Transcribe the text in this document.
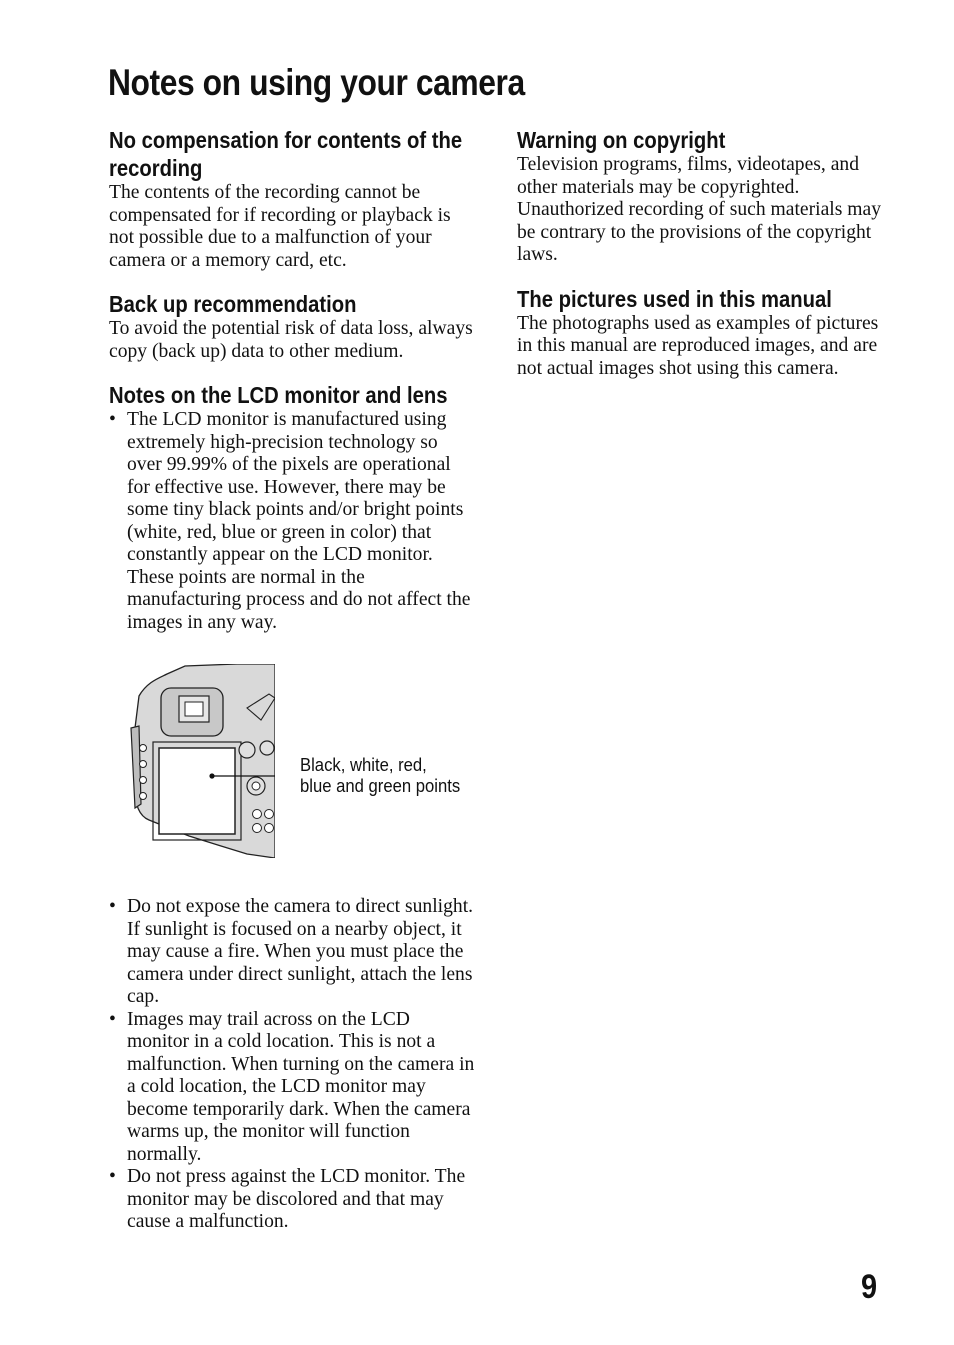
Notes on using your camera
No compensation for contents of the recording

The contents of the recording cannot be compensated for if recording or playback is not possible due to a malfunction of your camera or a memory card, etc.

Back up recommendation

To avoid the potential risk of data loss, always copy (back up) data to other medium.

Notes on the LCD monitor and lens
• The LCD monitor is manufactured using extremely high-precision technology so over 99.99% of the pixels are operational for effective use. However, there may be some tiny black points and/or bright points (white, red, blue or green in color) that constantly appear on the LCD monitor. These points are normal in the manufacturing process and do not affect the images in any way.
Black, white, red, blue and green points
• Do not expose the camera to direct sunlight. If sunlight is focused on a nearby object, it may cause a fire. When you must place the camera under direct sunlight, attach the lens cap.
• Images may trail across on the LCD monitor in a cold location. This is not a malfunction. When turning on the camera in a cold location, the LCD monitor may become temporarily dark. When the camera warms up, the monitor will function normally.
• Do not press against the LCD monitor. The monitor may be discolored and that may cause a malfunction.
Warning on copyright

Television programs, films, videotapes, and other materials may be copyrighted. Unauthorized recording of such materials may be contrary to the provisions of the copyright laws.

The pictures used in this manual

The photographs used as examples of pictures in this manual are reproduced images, and are not actual images shot using this camera.

9
